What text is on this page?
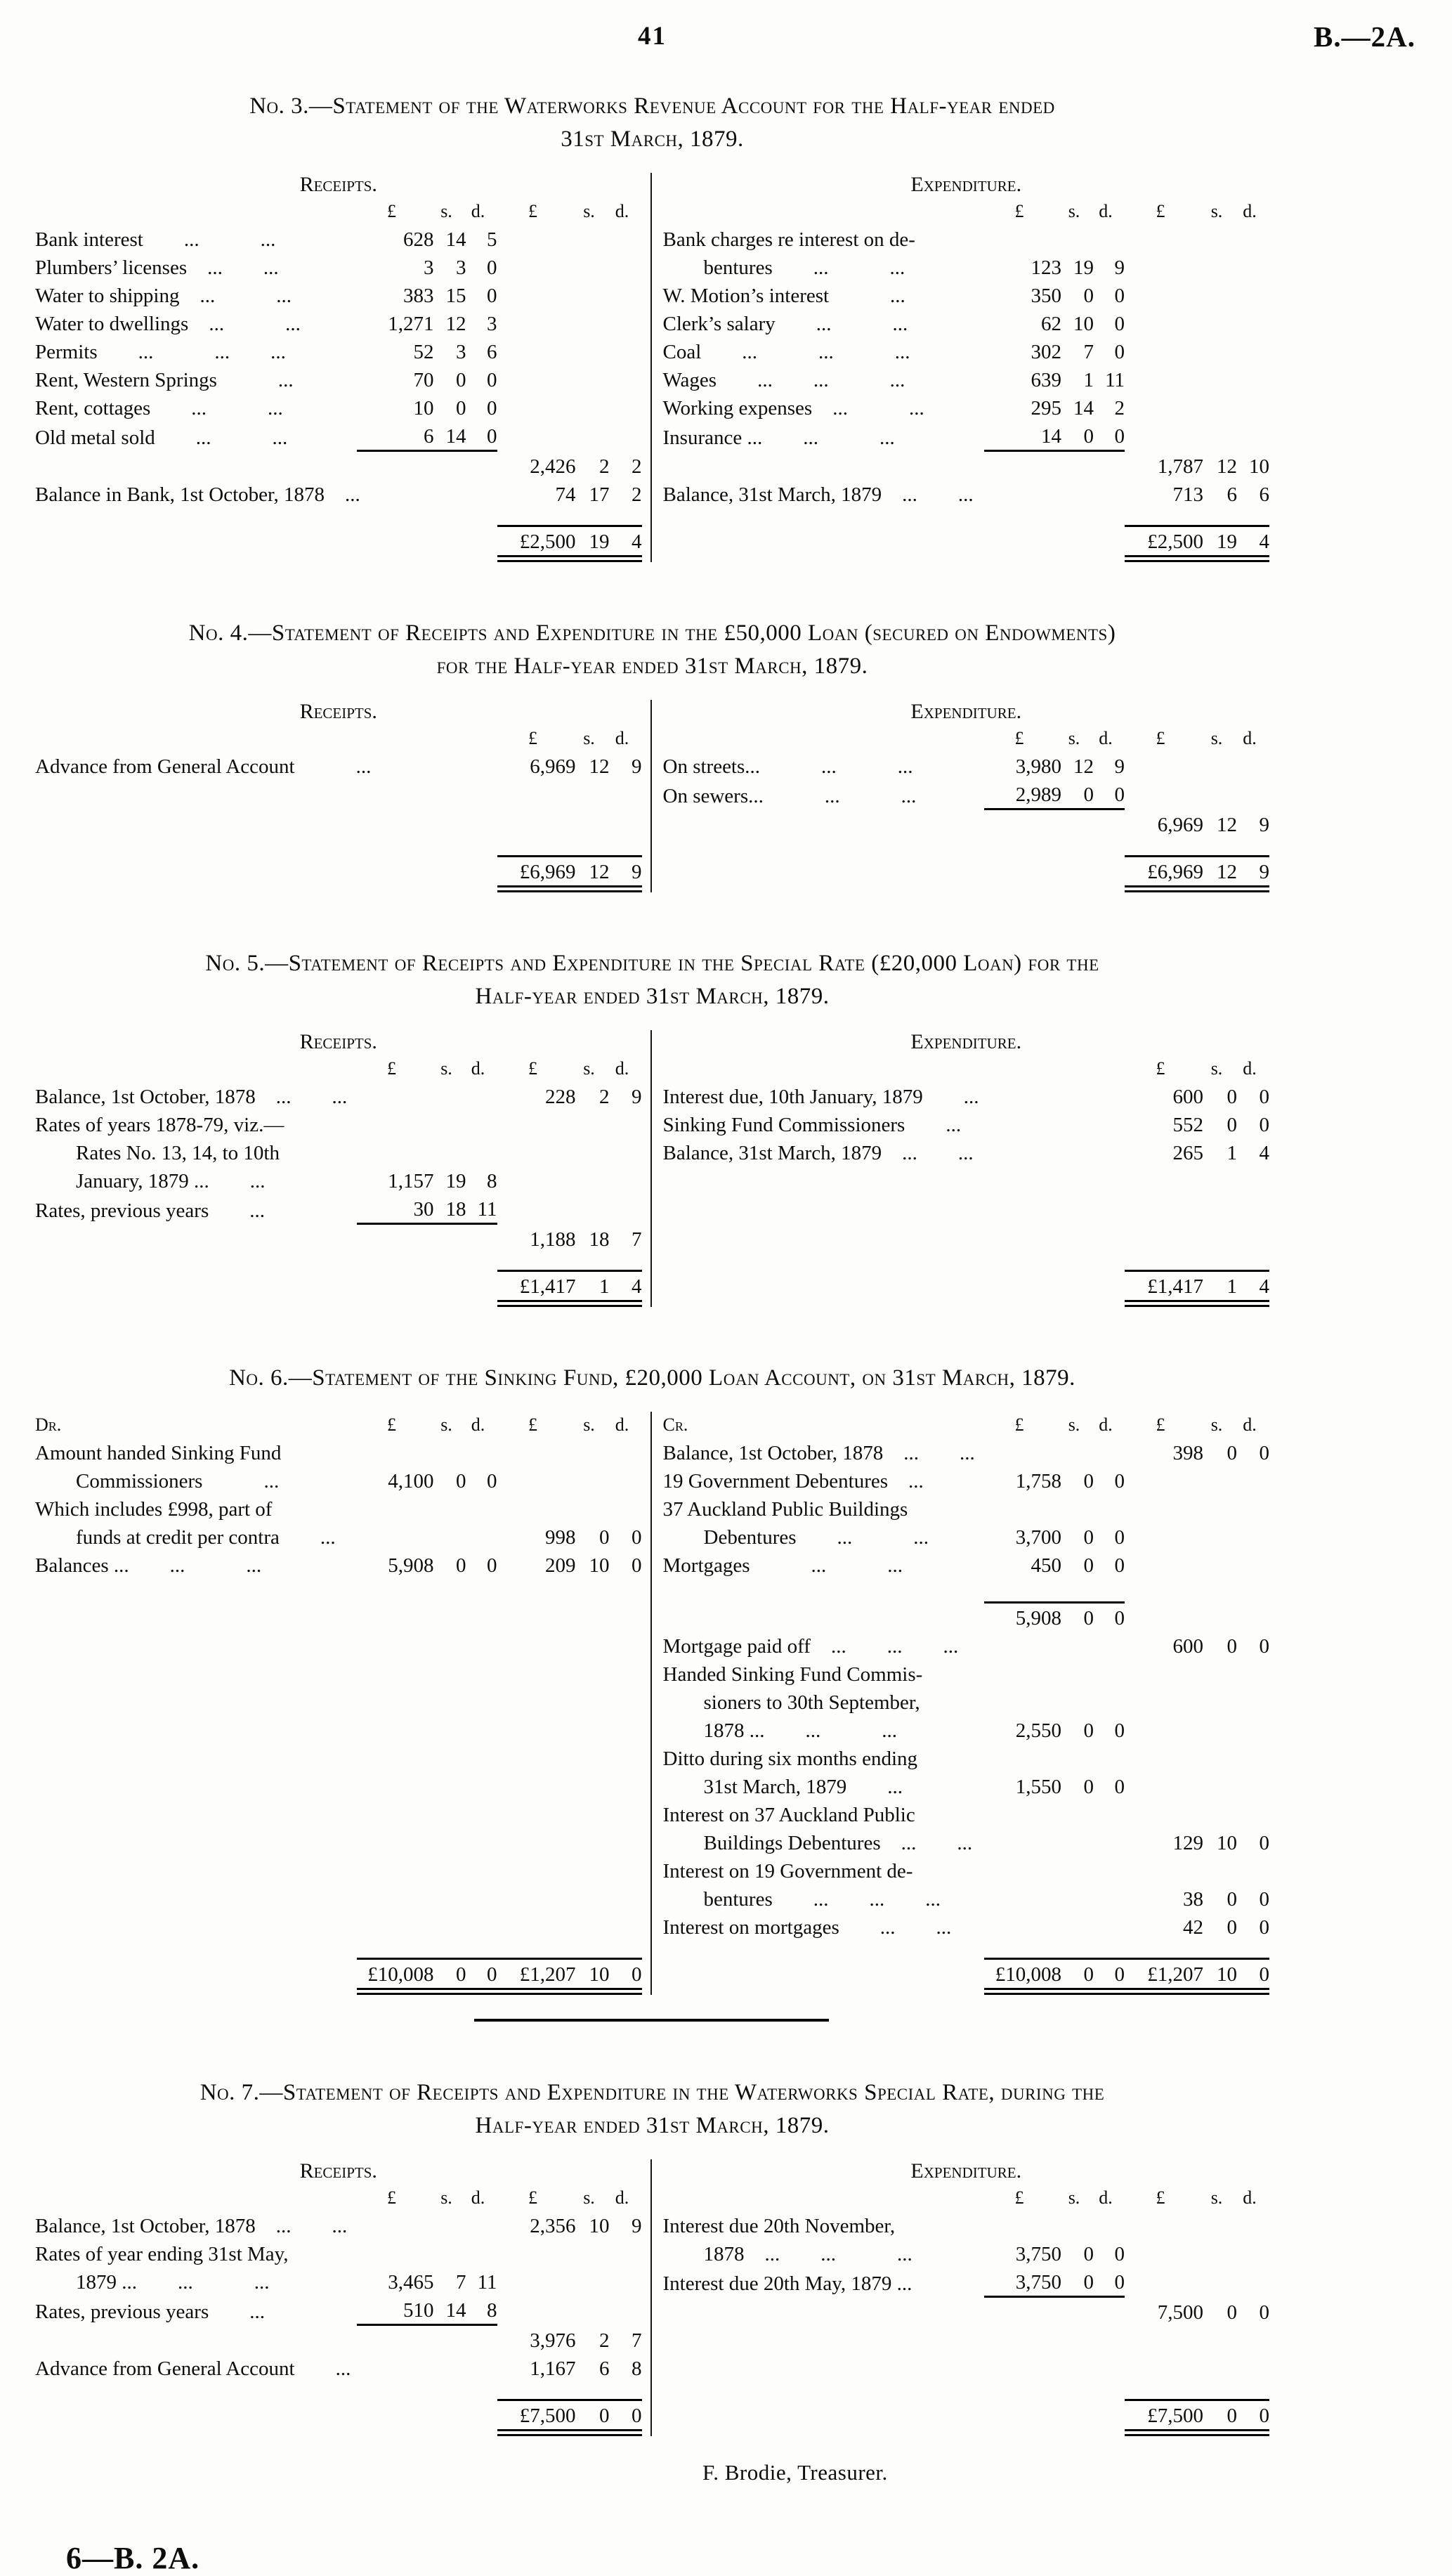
41	B.—2A.
No. 3.—Statement of the Waterworks Revenue Account for the Half-year ended
31st March, 1879.
Receipts.
	£	s.	d.	£	s.	d.
Bank interest  ...   ...	628	14	5			
Plumbers’ licenses ...  ...	3	3	0			
Water to shipping ...   ...	383	15	0			
Water to dwellings ...   ...	1,271	12	3			
Permits  ...   ...  ...	52	3	6			
Rent, Western Springs   ...	70	0	0			
Rent, cottages  ...   ...	10	0	0			
Old metal sold  ...   ...	6	14	0			
				2,426	2	2
Balance in Bank, 1st October, 1878 ...				74	17	2
				£2,500	19	4
Expenditure.
	£	s.	d.	£	s.	d.
Bank charges re interest on de-						
bentures  ...   ...	123	19	9			
W. Motion’s interest   ...	350	0	0			
Clerk’s salary  ...   ...	62	10	0			
Coal  ...   ...   ...	302	7	0			
Wages  ...  ...   ...	639	1	11			
Working expenses ...   ...	295	14	2			
Insurance ...  ...   ...	14	0	0			
				1,787	12	10
Balance, 31st March, 1879 ...  ...				713	6	6
				£2,500	19	4
No. 4.—Statement of Receipts and Expenditure in the £50,000 Loan (secured on Endowments)
for the Half-year ended 31st March, 1879.
Receipts.
				£	s.	d.
Advance from General Account   ...				6,969	12	9

				£6,969	12	9
Expenditure.
	£	s.	d.	£	s.	d.
On streets...   ...   ...	3,980	12	9			
On sewers...   ...   ...	2,989	0	0			
				6,969	12	9
				£6,969	12	9
No. 5.—Statement of Receipts and Expenditure in the Special Rate (£20,000 Loan) for the
Half-year ended 31st March, 1879.
Receipts.
	£	s.	d.	£	s.	d.
Balance, 1st October, 1878 ...  ...				228	2	9
Rates of years 1878-79, viz.—						
Rates No. 13, 14, to 10th						
January, 1879 ...  ...	1,157	19	8			
Rates, previous years  ...	30	18	11			
				1,188	18	7
				£1,417	1	4
Expenditure.
				£	s.	d.
Interest due, 10th January, 1879  ...				600	0	0
Sinking Fund Commissioners  ...				552	0	0
Balance, 31st March, 1879 ...  ...				265	1	4
				£1,417	1	4
No. 6.—Statement of the Sinking Fund, £20,000 Loan Account, on 31st March, 1879.
Dr.	£	s.	d.	£	s.	d.
Amount handed Sinking Fund						
Commissioners   ...	4,100	0	0			
Which includes £998, part of						
funds at credit per contra  ...				998	0	0
Balances ...  ...   ...	5,908	0	0	209	10	0
	£10,008	0	0	£1,207	10	0
Cr.	£	s.	d.	£	s.	d.
Balance, 1st October, 1878 ...  ...				398	0	0
19 Government Debentures ...	1,758	0	0			
37 Auckland Public Buildings						
Debentures  ...   ...	3,700	0	0			
Mortgages   ...   ...	450	0	0			

	5,908	0	0			
Mortgage paid off ...  ...  ...				600	0	0
Handed Sinking Fund Commis-						
sioners to 30th September,						
1878 ...  ...   ...	2,550	0	0			
Ditto during six months ending						
31st March, 1879  ...	1,550	0	0			
Interest on 37 Auckland Public						
Buildings Debentures ...  ...				129	10	0
Interest on 19 Government de-						
bentures  ...  ...  ...				38	0	0
Interest on mortgages  ...  ...				42	0	0
	£10,008	0	0	£1,207	10	0
No. 7.—Statement of Receipts and Expenditure in the Waterworks Special Rate, during the
Half-year ended 31st March, 1879.
Receipts.
	£	s.	d.	£	s.	d.
Balance, 1st October, 1878 ...  ...				2,356	10	9
Rates of year ending 31st May,						
1879 ...  ...   ...	3,465	7	11			
Rates, previous years  ...	510	14	8			
				3,976	2	7
Advance from General Account  ...				1,167	6	8
				£7,500	0	0
Expenditure.
	£	s.	d.	£	s.	d.
Interest due 20th November,						
1878 ...  ...   ...	3,750	0	0			
Interest due 20th May, 1879 ...	3,750	0	0			
				7,500	0	0
				£7,500	0	0
F. Brodie, Treasurer.
6—B. 2A.
